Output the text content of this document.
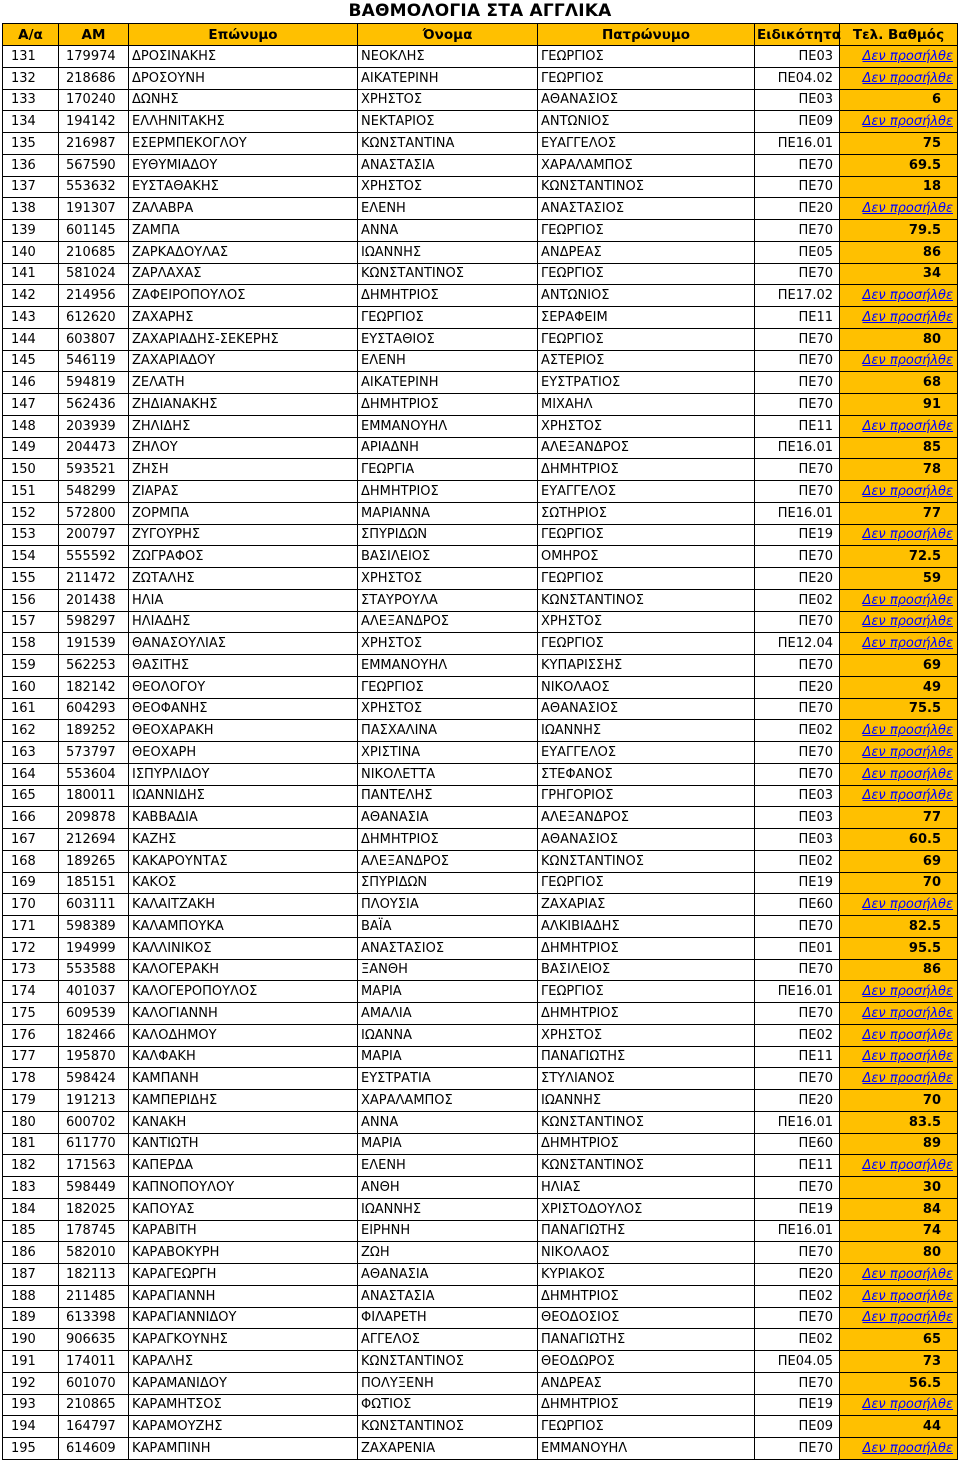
ΒΑΘΜΟΛΟΓΙΑ ΣΤΑ ΑΓΓΛΙΚΑ
Α/α	ΑΜ	Επώνυμο	Όνομα	Πατρώνυμο	Ειδικότητα	Τελ. Βαθμός
131	179974	ΔΡΟΣΙΝΑΚΗΣ	ΝΕΟΚΛΗΣ	ΓΕΩΡΓΙΟΣ	ΠΕ03	Δεν προσήλθε
132	218686	ΔΡΟΣΟΥΝΗ	ΑΙΚΑΤΕΡΙΝΗ	ΓΕΩΡΓΙΟΣ	ΠΕ04.02	Δεν προσήλθε
133	170240	ΔΩΝΗΣ	ΧΡΗΣΤΟΣ	ΑΘΑΝΑΣΙΟΣ	ΠΕ03	6
134	194142	ΕΛΛΗΝΙΤΑΚΗΣ	ΝΕΚΤΑΡΙΟΣ	ΑΝΤΩΝΙΟΣ	ΠΕ09	Δεν προσήλθε
135	216987	ΕΣΕΡΜΠΕΚΟΓΛΟΥ	ΚΩΝΣΤΑΝΤΙΝΑ	ΕΥΑΓΓΕΛΟΣ	ΠΕ16.01	75
136	567590	ΕΥΘΥΜΙΑΔΟΥ	ΑΝΑΣΤΑΣΙΑ	ΧΑΡΑΛΑΜΠΟΣ	ΠΕ70	69.5
137	553632	ΕΥΣΤΑΘΑΚΗΣ	ΧΡΗΣΤΟΣ	ΚΩΝΣΤΑΝΤΙΝΟΣ	ΠΕ70	18
138	191307	ΖΑΛΑΒΡΑ	ΕΛΕΝΗ	ΑΝΑΣΤΑΣΙΟΣ	ΠΕ20	Δεν προσήλθε
139	601145	ΖΑΜΠΑ	ΑΝΝΑ	ΓΕΩΡΓΙΟΣ	ΠΕ70	79.5
140	210685	ΖΑΡΚΑΔΟΥΛΑΣ	ΙΩΑΝΝΗΣ	ΑΝΔΡΕΑΣ	ΠΕ05	86
141	581024	ΖΑΡΛΑΧΑΣ	ΚΩΝΣΤΑΝΤΙΝΟΣ	ΓΕΩΡΓΙΟΣ	ΠΕ70	34
142	214956	ΖΑΦΕΙΡΟΠΟΥΛΟΣ	ΔΗΜΗΤΡΙΟΣ	ΑΝΤΩΝΙΟΣ	ΠΕ17.02	Δεν προσήλθε
143	612620	ΖΑΧΑΡΗΣ	ΓΕΩΡΓΙΟΣ	ΣΕΡΑΦΕΙΜ	ΠΕ11	Δεν προσήλθε
144	603807	ΖΑΧΑΡΙΑΔΗΣ-ΣΕΚΕΡΗΣ	ΕΥΣΤΑΘΙΟΣ	ΓΕΩΡΓΙΟΣ	ΠΕ70	80
145	546119	ΖΑΧΑΡΙΑΔΟΥ	ΕΛΕΝΗ	ΑΣΤΕΡΙΟΣ	ΠΕ70	Δεν προσήλθε
146	594819	ΖΕΛΑΤΗ	ΑΙΚΑΤΕΡΙΝΗ	ΕΥΣΤΡΑΤΙΟΣ	ΠΕ70	68
147	562436	ΖΗΔΙΑΝΑΚΗΣ	ΔΗΜΗΤΡΙΟΣ	ΜΙΧΑΗΛ	ΠΕ70	91
148	203939	ΖΗΛΙΔΗΣ	ΕΜΜΑΝΟΥΗΛ	ΧΡΗΣΤΟΣ	ΠΕ11	Δεν προσήλθε
149	204473	ΖΗΛΟΥ	ΑΡΙΑΔΝΗ	ΑΛΕΞΑΝΔΡΟΣ	ΠΕ16.01	85
150	593521	ΖΗΣΗ	ΓΕΩΡΓΙΑ	ΔΗΜΗΤΡΙΟΣ	ΠΕ70	78
151	548299	ΖΙΑΡΑΣ	ΔΗΜΗΤΡΙΟΣ	ΕΥΑΓΓΕΛΟΣ	ΠΕ70	Δεν προσήλθε
152	572800	ΖΟΡΜΠΑ	ΜΑΡΙΑΝΝΑ	ΣΩΤΗΡΙΟΣ	ΠΕ16.01	77
153	200797	ΖΥΓΟΥΡΗΣ	ΣΠΥΡΙΔΩΝ	ΓΕΩΡΓΙΟΣ	ΠΕ19	Δεν προσήλθε
154	555592	ΖΩΓΡΑΦΟΣ	ΒΑΣΙΛΕΙΟΣ	ΟΜΗΡΟΣ	ΠΕ70	72.5
155	211472	ΖΩΤΑΛΗΣ	ΧΡΗΣΤΟΣ	ΓΕΩΡΓΙΟΣ	ΠΕ20	59
156	201438	ΗΛΙΑ	ΣΤΑΥΡΟΥΛΑ	ΚΩΝΣΤΑΝΤΙΝΟΣ	ΠΕ02	Δεν προσήλθε
157	598297	ΗΛΙΑΔΗΣ	ΑΛΕΞΑΝΔΡΟΣ	ΧΡΗΣΤΟΣ	ΠΕ70	Δεν προσήλθε
158	191539	ΘΑΝΑΣΟΥΛΙΑΣ	ΧΡΗΣΤΟΣ	ΓΕΩΡΓΙΟΣ	ΠΕ12.04	Δεν προσήλθε
159	562253	ΘΑΣΙΤΗΣ	ΕΜΜΑΝΟΥΗΛ	ΚΥΠΑΡΙΣΣΗΣ	ΠΕ70	69
160	182142	ΘΕΟΛΟΓΟΥ	ΓΕΩΡΓΙΟΣ	ΝΙΚΟΛΑΟΣ	ΠΕ20	49
161	604293	ΘΕΟΦΑΝΗΣ	ΧΡΗΣΤΟΣ	ΑΘΑΝΑΣΙΟΣ	ΠΕ70	75.5
162	189252	ΘΕΟΧΑΡΑΚΗ	ΠΑΣΧΑΛΙΝΑ	ΙΩΑΝΝΗΣ	ΠΕ02	Δεν προσήλθε
163	573797	ΘΕΟΧΑΡΗ	ΧΡΙΣΤΙΝΑ	ΕΥΑΓΓΕΛΟΣ	ΠΕ70	Δεν προσήλθε
164	553604	ΙΣΠΥΡΛΙΔΟΥ	ΝΙΚΟΛΕΤΤΑ	ΣΤΕΦΑΝΟΣ	ΠΕ70	Δεν προσήλθε
165	180011	ΙΩΑΝΝΙΔΗΣ	ΠΑΝΤΕΛΗΣ	ΓΡΗΓΟΡΙΟΣ	ΠΕ03	Δεν προσήλθε
166	209878	ΚΑΒΒΑΔΙΑ	ΑΘΑΝΑΣΙΑ	ΑΛΕΞΑΝΔΡΟΣ	ΠΕ03	77
167	212694	ΚΑΖΗΣ	ΔΗΜΗΤΡΙΟΣ	ΑΘΑΝΑΣΙΟΣ	ΠΕ03	60.5
168	189265	ΚΑΚΑΡΟΥΝΤΑΣ	ΑΛΕΞΑΝΔΡΟΣ	ΚΩΝΣΤΑΝΤΙΝΟΣ	ΠΕ02	69
169	185151	ΚΑΚΟΣ	ΣΠΥΡΙΔΩΝ	ΓΕΩΡΓΙΟΣ	ΠΕ19	70
170	603111	ΚΑΛΑΙΤΖΑΚΗ	ΠΛΟΥΣΙΑ	ΖΑΧΑΡΙΑΣ	ΠΕ60	Δεν προσήλθε
171	598389	ΚΑΛΑΜΠΟΥΚΑ	ΒΑΪΑ	ΑΛΚΙΒΙΑΔΗΣ	ΠΕ70	82.5
172	194999	ΚΑΛΛΙΝΙΚΟΣ	ΑΝΑΣΤΑΣΙΟΣ	ΔΗΜΗΤΡΙΟΣ	ΠΕ01	95.5
173	553588	ΚΑΛΟΓΕΡΑΚΗ	ΞΑΝΘΗ	ΒΑΣΙΛΕΙΟΣ	ΠΕ70	86
174	401037	ΚΑΛΟΓΕΡΟΠΟΥΛΟΣ	ΜΑΡΙΑ	ΓΕΩΡΓΙΟΣ	ΠΕ16.01	Δεν προσήλθε
175	609539	ΚΑΛΟΓΙΑΝΝΗ	ΑΜΑΛΙΑ	ΔΗΜΗΤΡΙΟΣ	ΠΕ70	Δεν προσήλθε
176	182466	ΚΑΛΟΔΗΜΟΥ	ΙΩΑΝΝΑ	ΧΡΗΣΤΟΣ	ΠΕ02	Δεν προσήλθε
177	195870	ΚΑΛΦΑΚΗ	ΜΑΡΙΑ	ΠΑΝΑΓΙΩΤΗΣ	ΠΕ11	Δεν προσήλθε
178	598424	ΚΑΜΠΑΝΗ	ΕΥΣΤΡΑΤΙΑ	ΣΤΥΛΙΑΝΟΣ	ΠΕ70	Δεν προσήλθε
179	191213	ΚΑΜΠΕΡΙΔΗΣ	ΧΑΡΑΛΑΜΠΟΣ	ΙΩΑΝΝΗΣ	ΠΕ20	70
180	600702	ΚΑΝΑΚΗ	ΑΝΝΑ	ΚΩΝΣΤΑΝΤΙΝΟΣ	ΠΕ16.01	83.5
181	611770	ΚΑΝΤΙΩΤΗ	ΜΑΡΙΑ	ΔΗΜΗΤΡΙΟΣ	ΠΕ60	89
182	171563	ΚΑΠΕΡΔΑ	ΕΛΕΝΗ	ΚΩΝΣΤΑΝΤΙΝΟΣ	ΠΕ11	Δεν προσήλθε
183	598449	ΚΑΠΝΟΠΟΥΛΟΥ	ΑΝΘΗ	ΗΛΙΑΣ	ΠΕ70	30
184	182025	ΚΑΠΟΥΑΣ	ΙΩΑΝΝΗΣ	ΧΡΙΣΤΟΔΟΥΛΟΣ	ΠΕ19	84
185	178745	ΚΑΡΑΒΙΤΗ	ΕΙΡΗΝΗ	ΠΑΝΑΓΙΩΤΗΣ	ΠΕ16.01	74
186	582010	ΚΑΡΑΒΟΚΥΡΗ	ΖΩΗ	ΝΙΚΟΛΑΟΣ	ΠΕ70	80
187	182113	ΚΑΡΑΓΕΩΡΓΗ	ΑΘΑΝΑΣΙΑ	ΚΥΡΙΑΚΟΣ	ΠΕ20	Δεν προσήλθε
188	211485	ΚΑΡΑΓΙΑΝΝΗ	ΑΝΑΣΤΑΣΙΑ	ΔΗΜΗΤΡΙΟΣ	ΠΕ02	Δεν προσήλθε
189	613398	ΚΑΡΑΓΙΑΝΝΙΔΟΥ	ΦΙΛΑΡΕΤΗ	ΘΕΟΔΟΣΙΟΣ	ΠΕ70	Δεν προσήλθε
190	906635	ΚΑΡΑΓΚΟΥΝΗΣ	ΑΓΓΕΛΟΣ	ΠΑΝΑΓΙΩΤΗΣ	ΠΕ02	65
191	174011	ΚΑΡΑΛΗΣ	ΚΩΝΣΤΑΝΤΙΝΟΣ	ΘΕΟΔΩΡΟΣ	ΠΕ04.05	73
192	601070	ΚΑΡΑΜΑΝΙΔΟΥ	ΠΟΛΥΞΕΝΗ	ΑΝΔΡΕΑΣ	ΠΕ70	56.5
193	210865	ΚΑΡΑΜΗΤΣΟΣ	ΦΩΤΙΟΣ	ΔΗΜΗΤΡΙΟΣ	ΠΕ19	Δεν προσήλθε
194	164797	ΚΑΡΑΜΟΥΖΗΣ	ΚΩΝΣΤΑΝΤΙΝΟΣ	ΓΕΩΡΓΙΟΣ	ΠΕ09	44
195	614609	ΚΑΡΑΜΠΙΝΗ	ΖΑΧΑΡΕΝΙΑ	ΕΜΜΑΝΟΥΗΛ	ΠΕ70	Δεν προσήλθε
